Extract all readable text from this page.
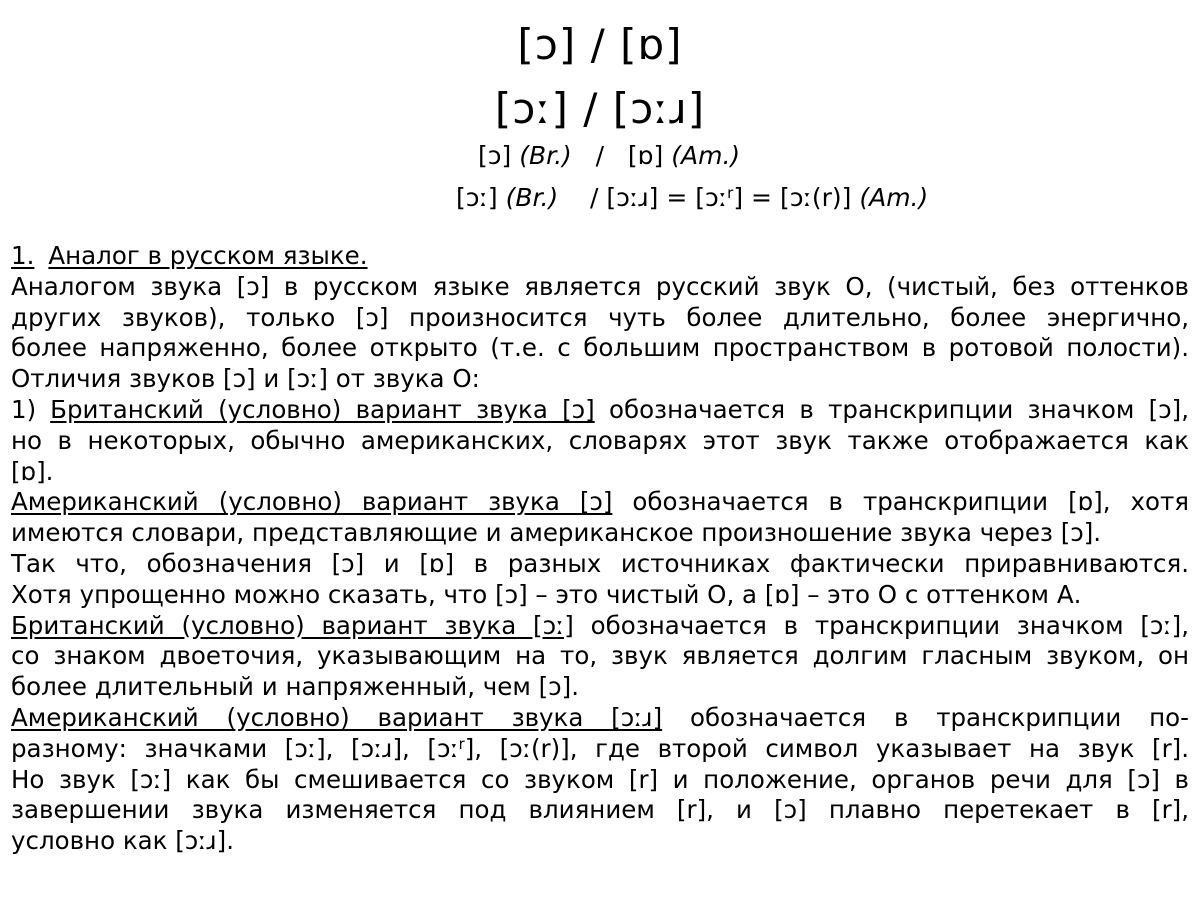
[ɔ] / [ɒ]
[ɔː] / [ɔːɹ]
[ɔ] (Br.) / [ɒ] (Am.)
[ɔː] (Br.) / [ɔːɹ] = [ɔː$^r$] = [ɔː(r)] (Am.)
1. Аналог в русском языке.
Аналогом звука [ɔ] в русском языке является русский звук О, (чистый, без оттенков
других звуков), только [ɔ] произносится чуть более длительно, более энергично,
более напряженно, более открыто (т.е. с большим пространством в ротовой полости).
Отличия звуков [ɔ] и [ɔː] от звука О:
1) Британский (условно) вариант звука [ɔ] обозначается в транскрипции значком [ɔ],
но в некоторых, обычно американских, словарях этот звук также отображается как
[ɒ].
Американский (условно) вариант звука [ɔ] обозначается в транскрипции [ɒ], хотя
имеются словари, представляющие и американское произношение звука через [ɔ].
Так что, обозначения [ɔ] и [ɒ] в разных источниках фактически приравниваются.
Хотя упрощенно можно сказать, что [ɔ] – это чистый О, а [ɒ] – это О с оттенком А.
Британский (условно) вариант звука [ɔː] обозначается в транскрипции значком [ɔː],
со знаком двоеточия, указывающим на то, звук является долгим гласным звуком, он
более длительный и напряженный, чем [ɔ].
Американский (условно) вариант звука [ɔːɹ] обозначается в транскрипции по-
разному: значками [ɔː], [ɔːɹ], [ɔː$^r$], [ɔː(r)], где второй символ указывает на звук [r].
Но звук [ɔː] как бы смешивается со звуком [r] и положение, органов речи для [ɔ] в
завершении звука изменяется под влиянием [r], и [ɔ] плавно перетекает в [r],
условно как [ɔːɹ].
